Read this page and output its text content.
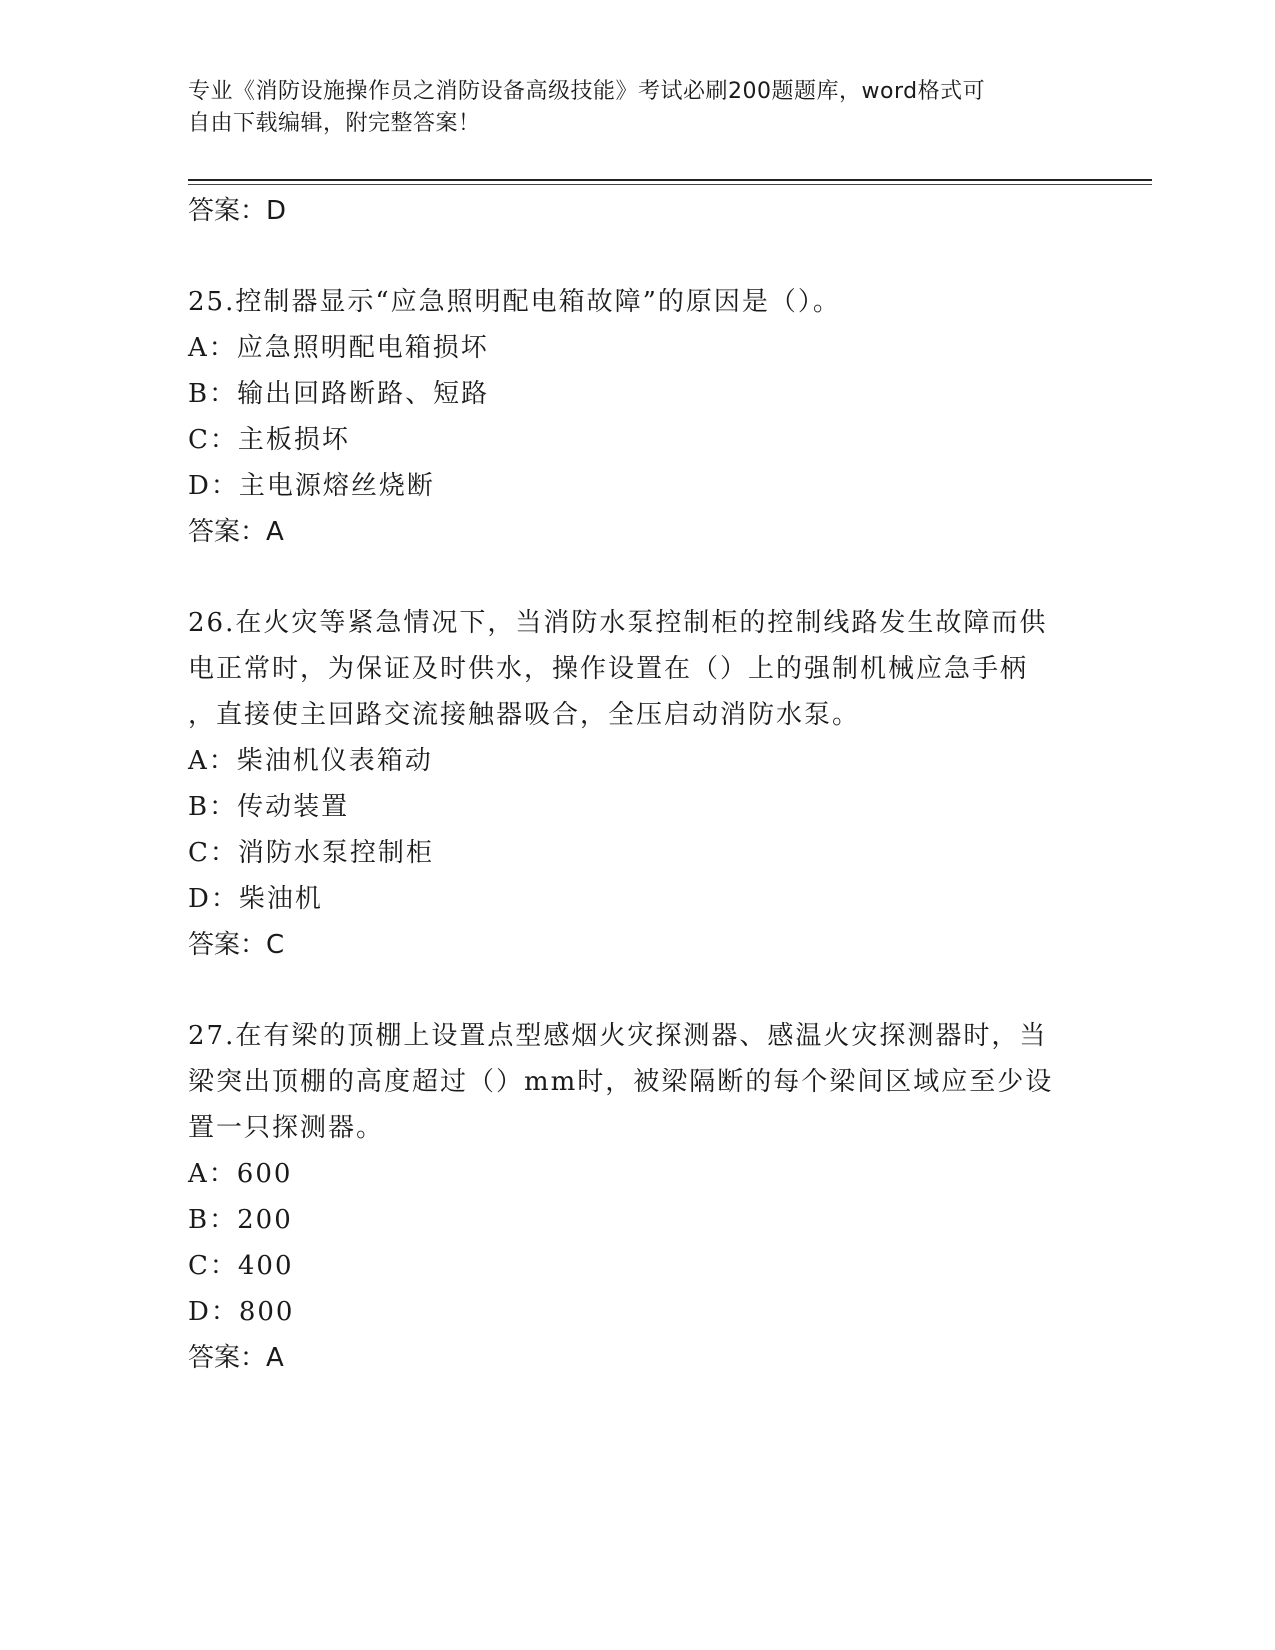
专业《消防设施操作员之消防设备高级技能》考试必刷200题题库，word格式可
自由下载编辑，附完整答案！
答案：D
25.控制器显示“应急照明配电箱故障”的原因是（）。
A：应急照明配电箱损坏
B：输出回路断路、短路
C：主板损坏
D：主电源熔丝烧断
答案：A
26.在火灾等紧急情况下，当消防水泵控制柜的控制线路发生故障而供
电正常时，为保证及时供水，操作设置在（）上的强制机械应急手柄
，直接使主回路交流接触器吸合，全压启动消防水泵。
A：柴油机仪表箱动
B：传动装置
C：消防水泵控制柜
D：柴油机
答案：C
27.在有梁的顶棚上设置点型感烟火灾探测器、感温火灾探测器时，当
梁突出顶棚的高度超过（）mm时，被梁隔断的每个梁间区域应至少设
置一只探测器。
A：600
B：200
C：400
D：800
答案：A
